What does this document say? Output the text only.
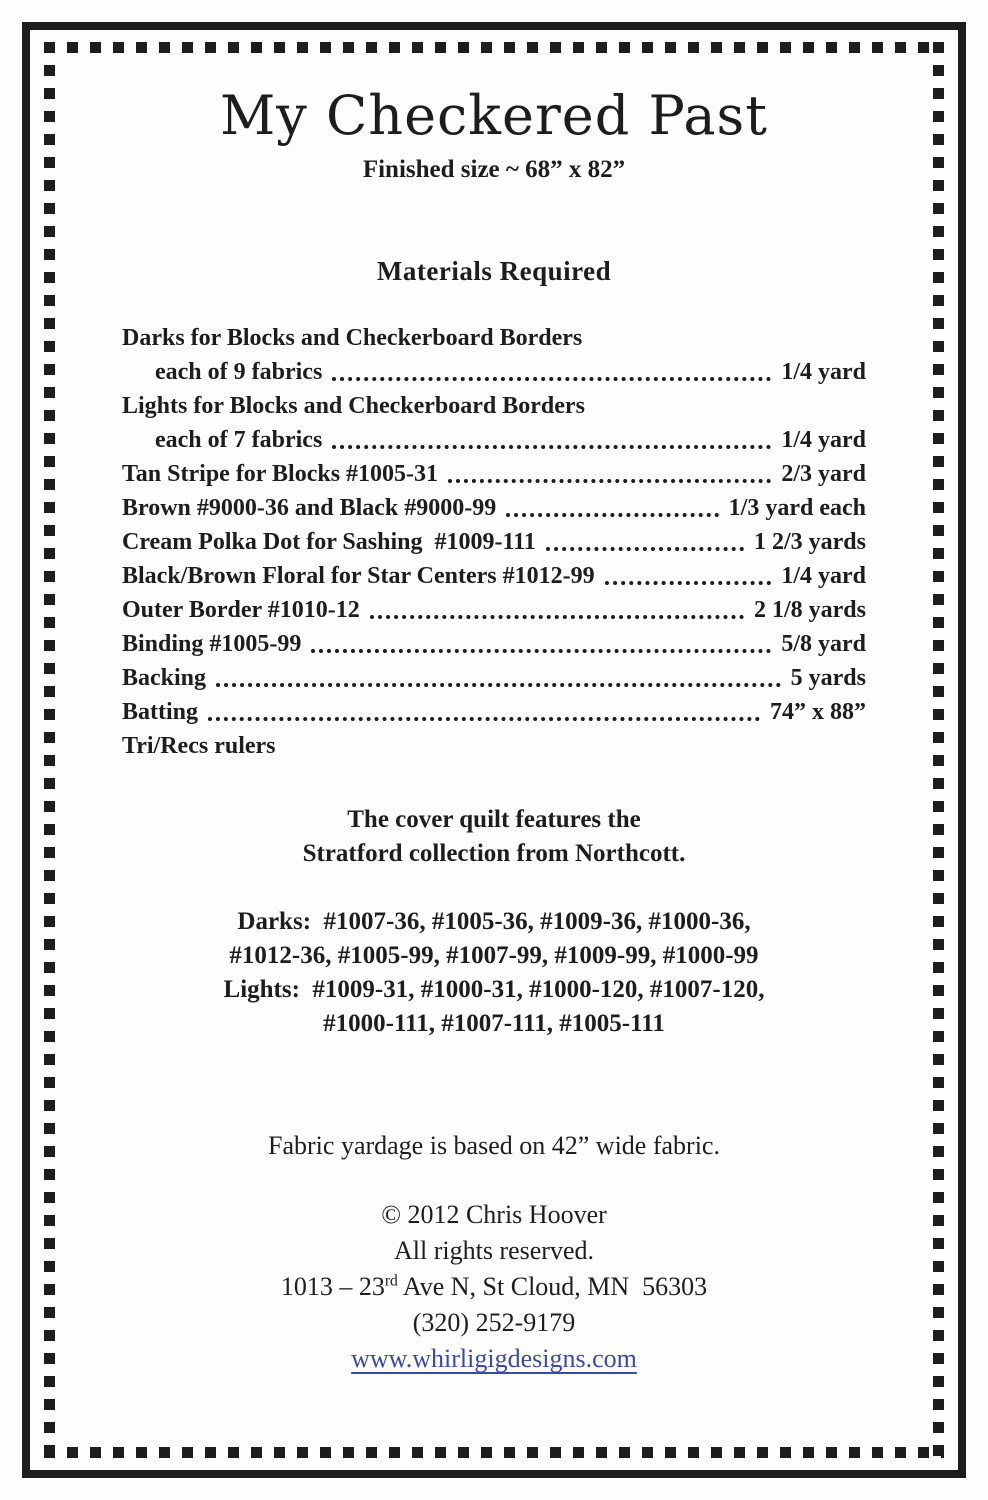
My Checkered Past
Finished size ~ 68” x 82”
Materials Required
Darks for Blocks and Checkerboard Borders
each of 9 fabrics	1/4 yard
Lights for Blocks and Checkerboard Borders
each of 7 fabrics	1/4 yard
Tan Stripe for Blocks #1005-31	2/3 yard
Brown #9000-36 and Black #9000-99	1/3 yard each
Cream Polka Dot for Sashing  #1009-111	1 2/3 yards
Black/Brown Floral for Star Centers #1012-99	1/4 yard
Outer Border #1010-12	2 1/8 yards
Binding #1005-99	5/8 yard
Backing	5 yards
Batting	74” x 88”
Tri/Recs rulers
The cover quilt features the
Stratford collection from Northcott.
Darks:  #1007-36, #1005-36, #1009-36, #1000-36,
#1012-36, #1005-99, #1007-99, #1009-99, #1000-99
Lights:  #1009-31, #1000-31, #1000-120, #1007-120,
#1000-111, #1007-111, #1005-111
Fabric yardage is based on 42” wide fabric.
© 2012 Chris Hoover
All rights reserved.
1013 – 23rd Ave N, St Cloud, MN  56303
(320) 252-9179
www.whirligigdesigns.com
